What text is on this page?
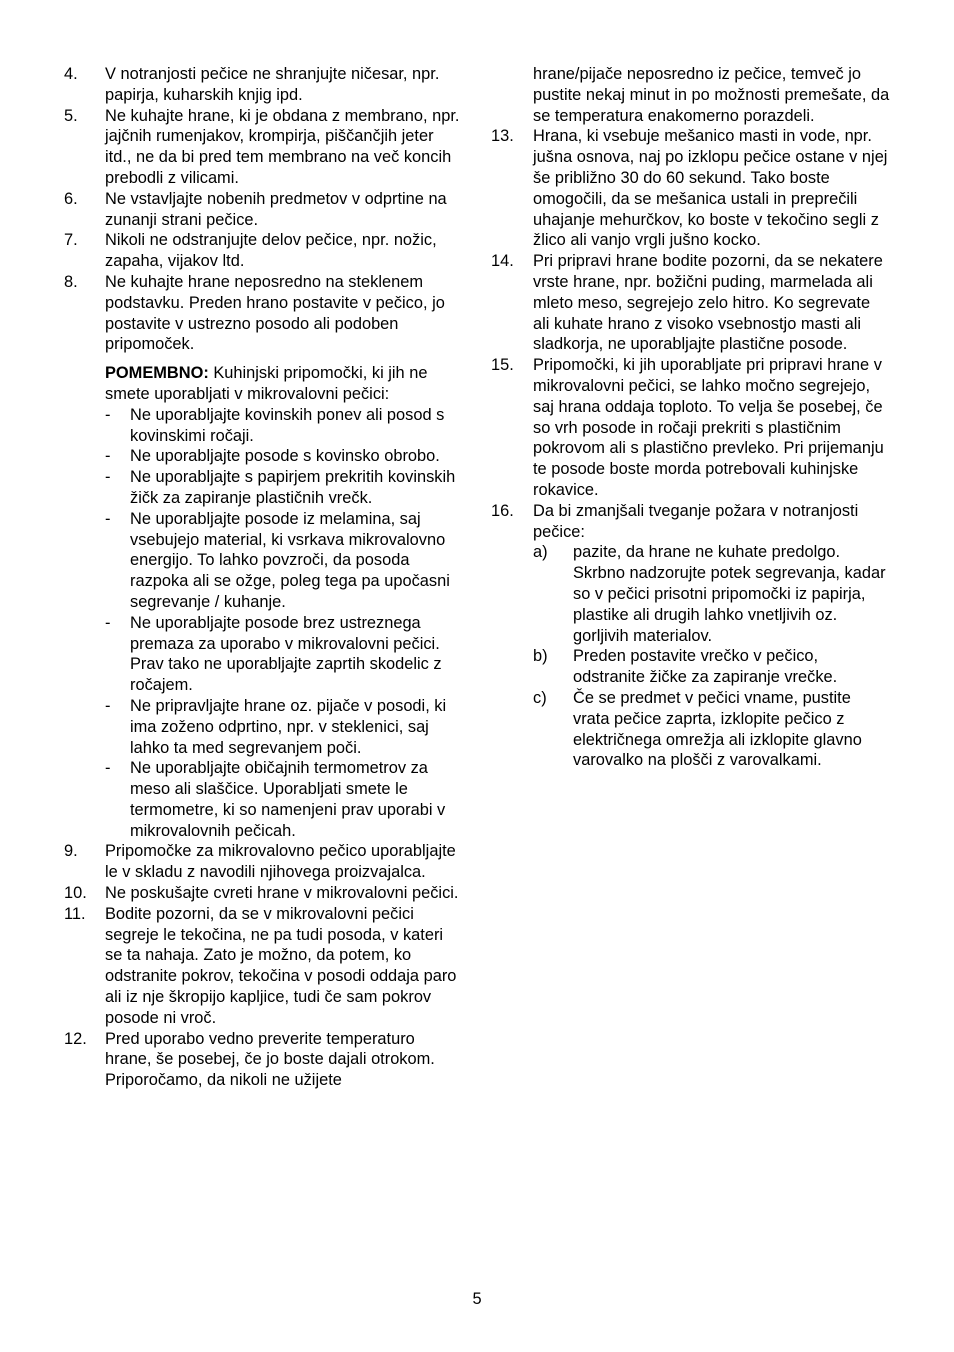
4. V notranjosti pečice ne shranjujte ničesar, npr. papirja, kuharskih knjig ipd.
5. Ne kuhajte hrane, ki je obdana z membrano, npr. jajčnih rumenjakov, krompirja, piščančjih jeter itd., ne da bi pred tem membrano na več koncih prebodli z vilicami.
6. Ne vstavljajte nobenih predmetov v odprtine na zunanji strani pečice.
7. Nikoli ne odstranjujte delov pečice, npr. nožic, zapaha, vijakov ltd.
8. Ne kuhajte hrane neposredno na steklenem podstavku. Preden hrano postavite v pečico, jo postavite v ustrezno posodo ali podoben pripomoček.
POMEMBNO: Kuhinjski pripomočki, ki jih ne smete uporabljati v mikrovalovni pečici:
- Ne uporabljajte kovinskih ponev ali posod s kovinskimi ročaji.
- Ne uporabljajte posode s kovinsko obrobo.
- Ne uporabljajte s papirjem prekritih kovinskih žičk za zapiranje plastičnih vrečk.
- Ne uporabljajte posode iz melamina, saj vsebujejo material, ki vsrkava mikrovalovno energijo. To lahko povzroči, da posoda razpoka ali se ožge, poleg tega pa upočasni segrevanje / kuhanje.
- Ne uporabljajte posode brez ustreznega premaza za uporabo v mikrovalovni pečici. Prav tako ne uporabljajte zaprtih skodelic z ročajem.
- Ne pripravljajte hrane oz. pijače v posodi, ki ima zoženo odprtino, npr. v steklenici, saj lahko ta med segrevanjem poči.
- Ne uporabljajte običajnih termometrov za meso ali slaščice. Uporabljati smete le termometre, ki so namenjeni prav uporabi v mikrovalovnih pečicah.
9. Pripomočke za mikrovalovno pečico uporabljajte le v skladu z navodili njihovega proizvajalca.
10. Ne poskušajte cvreti hrane v mikrovalovni pečici.
11. Bodite pozorni, da se v mikrovalovni pečici segreje le tekočina, ne pa tudi posoda, v kateri se ta nahaja. Zato je možno, da potem, ko odstranite pokrov, tekočina v posodi oddaja paro ali iz nje škropijo kapljice, tudi če sam pokrov posode ni vroč.
12. Pred uporabo vedno preverite temperaturo hrane, še posebej, če jo boste dajali otrokom. Priporočamo, da nikoli ne užijete
hrane/pijače neposredno iz pečice, temveč jo pustite nekaj minut in po možnosti premešate, da se temperatura enakomerno porazdeli.
13. Hrana, ki vsebuje mešanico masti in vode, npr. jušna osnova, naj po izklopu pečice ostane v njej še približno 30 do 60 sekund. Tako boste omogočili, da se mešanica ustali in preprečili uhajanje mehurčkov, ko boste v tekočino segli z žlico ali vanjo vrgli jušno kocko.
14. Pri pripravi hrane bodite pozorni, da se nekatere vrste hrane, npr. božični puding, marmelada ali mleto meso, segrejejo zelo hitro. Ko segrevate ali kuhate hrano z visoko vsebnostjo masti ali sladkorja, ne uporabljajte plastične posode.
15. Pripomočki, ki jih uporabljate pri pripravi hrane v mikrovalovni pečici, se lahko močno segrejejo, saj hrana oddaja toploto. To velja še posebej, če so vrh posode in ročaji prekriti s plastičnim pokrovom ali s plastično prevleko. Pri prijemanju te posode boste morda potrebovali kuhinjske rokavice.
16. Da bi zmanjšali tveganje požara v notranjosti pečice:
a) pazite, da hrane ne kuhate predolgo. Skrbno nadzorujte potek segrevanja, kadar so v pečici prisotni pripomočki iz papirja, plastike ali drugih lahko vnetljivih oz. gorljivih materialov.
b) Preden postavite vrečko v pečico, odstranite žičke za zapiranje vrečke.
c) Če se predmet v pečici vname, pustite vrata pečice zaprta, izklopite pečico z električnega omrežja ali izklopite glavno varovalko na plošči z varovalkami.
5
